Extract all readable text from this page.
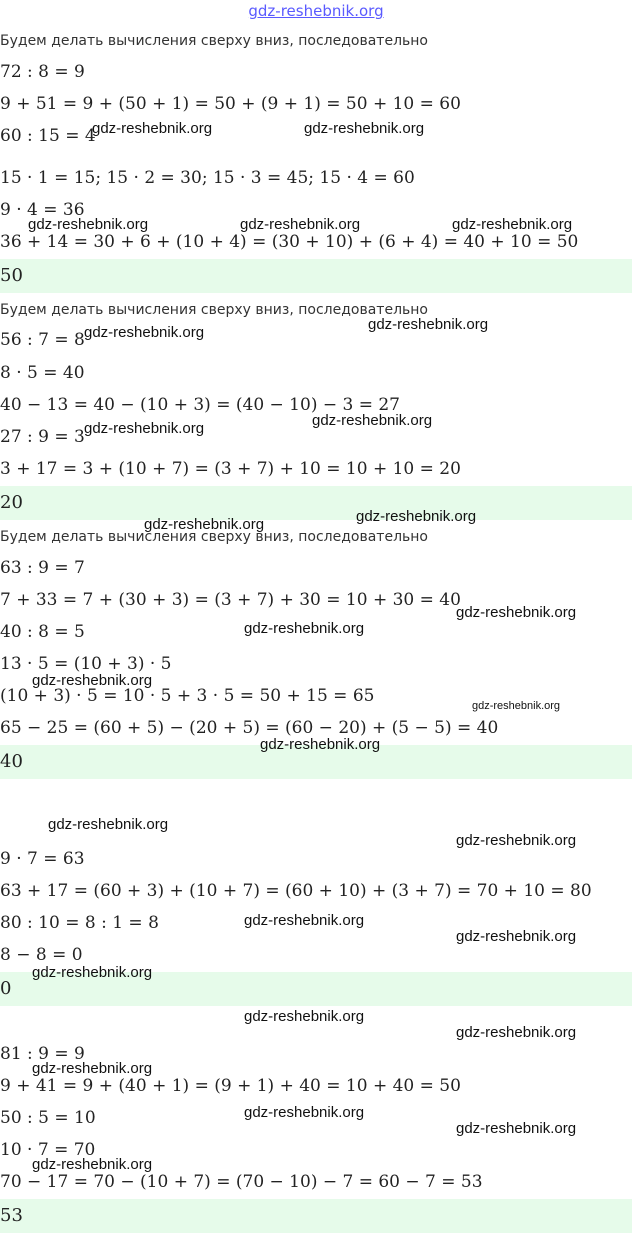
gdz-reshebnik.org
Будем делать вычисления сверху вниз, последовательно
72 : 8 = 9
9 + 51 = 9 + (50 + 1) = 50 + (9 + 1) = 50 + 10 = 60
60 : 15 = 4
15 · 1 = 15; 15 · 2 = 30; 15 · 3 = 45; 15 · 4 = 60
9 · 4 = 36
36 + 14 = 30 + 6 + (10 + 4) = (30 + 10) + (6 + 4) = 40 + 10 = 50
50
Будем делать вычисления сверху вниз, последовательно
56 : 7 = 8
8 · 5 = 40
40 − 13 = 40 − (10 + 3) = (40 − 10) − 3 = 27
27 : 9 = 3
3 + 17 = 3 + (10 + 7) = (3 + 7) + 10 = 10 + 10 = 20
20
Будем делать вычисления сверху вниз, последовательно
63 : 9 = 7
7 + 33 = 7 + (30 + 3) = (3 + 7) + 30 = 10 + 30 = 40
40 : 8 = 5
13 · 5 = (10 + 3) · 5
(10 + 3) · 5 = 10 · 5 + 3 · 5 = 50 + 15 = 65
65 − 25 = (60 + 5) − (20 + 5) = (60 − 20) + (5 − 5) = 40
40
9 · 7 = 63
63 + 17 = (60 + 3) + (10 + 7) = (60 + 10) + (3 + 7) = 70 + 10 = 80
80 : 10 = 8 : 1 = 8
8 − 8 = 0
0
81 : 9 = 9
9 + 41 = 9 + (40 + 1) = (9 + 1) + 40 = 10 + 40 = 50
50 : 5 = 10
10 · 7 = 70
70 − 17 = 70 − (10 + 7) = (70 − 10) − 7 = 60 − 7 = 53
53
gdz-reshebnik.org	gdz-reshebnik.org
gdz-reshebnik.org	gdz-reshebnik.org	gdz-reshebnik.org
gdz-reshebnik.org
gdz-reshebnik.org
gdz-reshebnik.org
gdz-reshebnik.org
gdz-reshebnik.org
gdz-reshebnik.org
gdz-reshebnik.org
gdz-reshebnik.org
gdz-reshebnik.org
gdz-reshebnik.org
gdz-reshebnik.org
gdz-reshebnik.org
gdz-reshebnik.org
gdz-reshebnik.org
gdz-reshebnik.org
gdz-reshebnik.org
gdz-reshebnik.org
gdz-reshebnik.org
gdz-reshebnik.org
gdz-reshebnik.org
gdz-reshebnik.org
gdz-reshebnik.org
